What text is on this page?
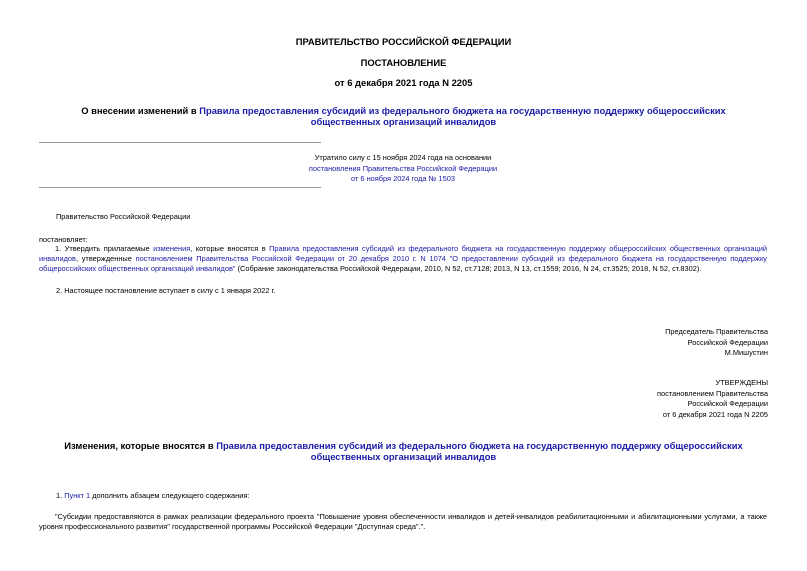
ПРАВИТЕЛЬСТВО РОССИЙСКОЙ ФЕДЕРАЦИИ
ПОСТАНОВЛЕНИЕ
от 6 декабря 2021 года N 2205
О внесении изменений в Правила предоставления субсидий из федерального бюджета на государственную поддержку общероссийских общественных организаций инвалидов
Утратило силу с 15 ноября 2024 года на основании
постановления Правительства Российской Федерации
от 6 ноября 2024 года № 1503
Правительство Российской Федерации
постановляет:
1. Утвердить прилагаемые изменения, которые вносятся в Правила предоставления субсидий из федерального бюджета на государственную поддержку общероссийских общественных организаций инвалидов, утвержденные постановлением Правительства Российской Федерации от 20 декабря 2010 г. N 1074 "О предоставлении субсидий из федерального бюджета на государственную поддержку общероссийских общественных организаций инвалидов" (Собрание законодательства Российской Федерации, 2010, N 52, ст.7128; 2013, N 13, ст.1559; 2016, N 24, ст.3525; 2018, N 52, ст.8302).
2. Настоящее постановление вступает в силу с 1 января 2022 г.
Председатель Правительства
Российской Федерации
М.Мишустин
УТВЕРЖДЕНЫ
постановлением Правительства
Российской Федерации
от 6 декабря 2021 года N 2205
Изменения, которые вносятся в Правила предоставления субсидий из федерального бюджета на государственную поддержку общероссийских общественных организаций инвалидов
1. Пункт 1 дополнить абзацем следующего содержания:
"Субсидии предоставляются в рамках реализации федерального проекта "Повышение уровня обеспеченности инвалидов и детей-инвалидов реабилитационными и абилитационными услугами, а также уровня профессионального развития" государственной программы Российской Федерации "Доступная среда".".
